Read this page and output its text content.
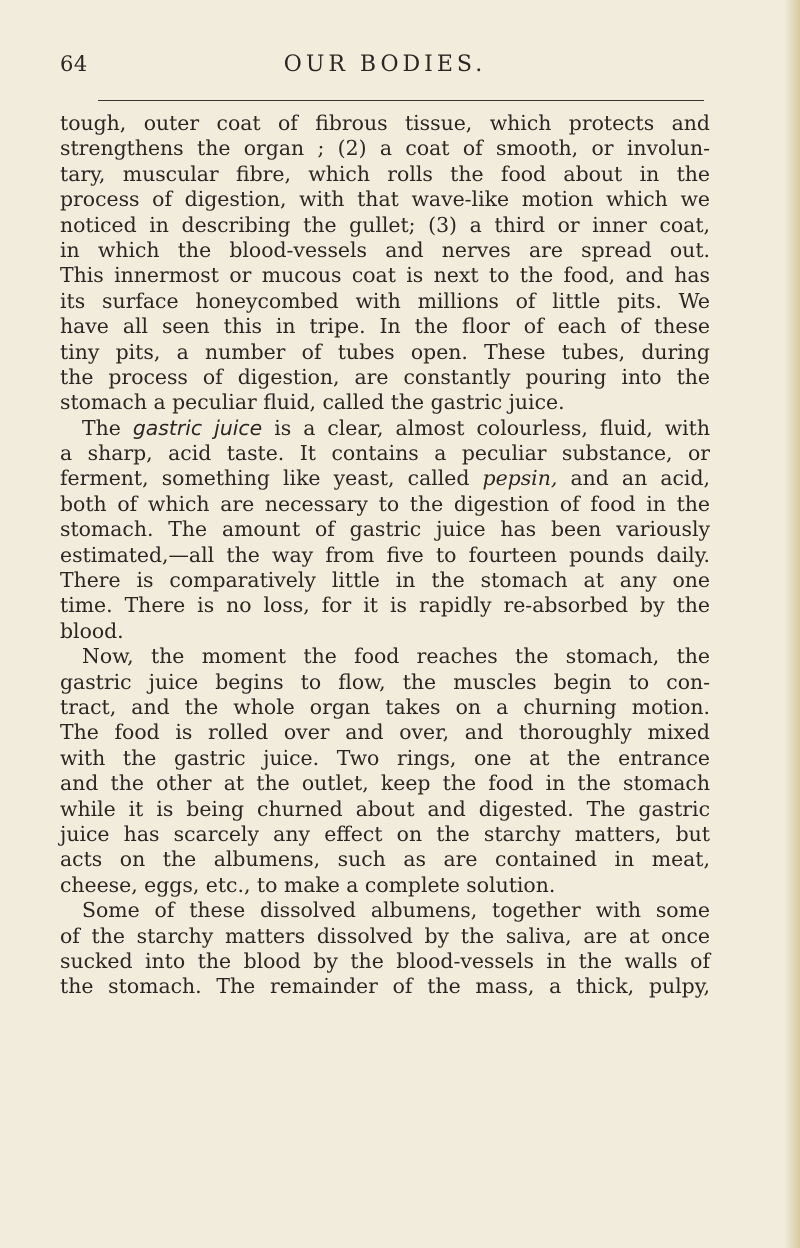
64	OUR BODIES.
tough, outer coat of fibrous tissue, which protects and
strengthens the organ ; (2) a coat of smooth, or involun-
tary, muscular fibre, which rolls the food about in the
process of digestion, with that wave-like motion which we
noticed in describing the gullet; (3) a third or inner coat,
in which the blood-vessels and nerves are spread out.
This innermost or mucous coat is next to the food, and has
its surface honeycombed with millions of little pits. We
have all seen this in tripe. In the floor of each of these
tiny pits, a number of tubes open. These tubes, during
the process of digestion, are constantly pouring into the
stomach a peculiar fluid, called the gastric juice.
The gastric juice is a clear, almost colourless, fluid, with
a sharp, acid taste. It contains a peculiar substance, or
ferment, something like yeast, called pepsin, and an acid,
both of which are necessary to the digestion of food in the
stomach. The amount of gastric juice has been variously
estimated,—all the way from five to fourteen pounds daily.
There is comparatively little in the stomach at any one
time. There is no loss, for it is rapidly re-absorbed by the
blood.
Now, the moment the food reaches the stomach, the
gastric juice begins to flow, the muscles begin to con-
tract, and the whole organ takes on a churning motion.
The food is rolled over and over, and thoroughly mixed
with the gastric juice. Two rings, one at the entrance
and the other at the outlet, keep the food in the stomach
while it is being churned about and digested. The gastric
juice has scarcely any effect on the starchy matters, but
acts on the albumens, such as are contained in meat,
cheese, eggs, etc., to make a complete solution.
Some of these dissolved albumens, together with some
of the starchy matters dissolved by the saliva, are at once
sucked into the blood by the blood-vessels in the walls of
the stomach. The remainder of the mass, a thick, pulpy,
